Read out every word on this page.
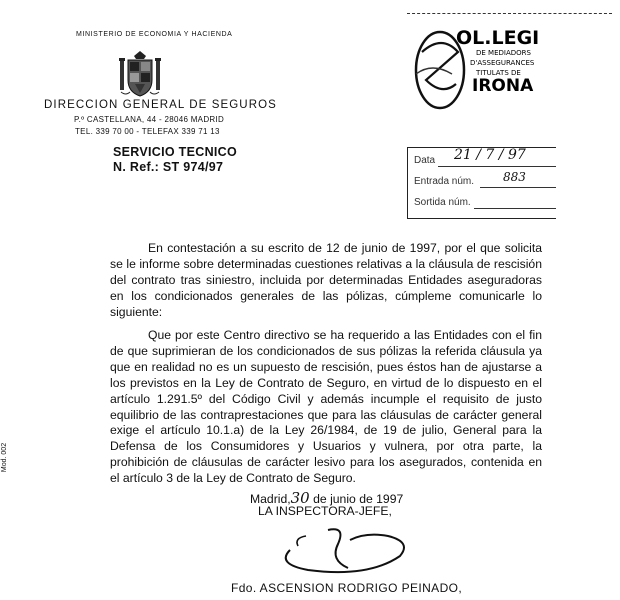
MINISTERIO DE ECONOMIA Y HACIENDA
DIRECCION GENERAL DE SEGUROS
P.º CASTELLANA, 44 - 28046 MADRID
TEL. 339 70 00 - TELEFAX 339 71 13
SERVICIO TECNICO
N. Ref.: ST 974/97
OL.LEGI
DE MEDIADORS
D'ASSEGURANCES
TITULATS DE
IRONA
Data 21 / 7 / 97
Entrada núm. 883
Sortida núm.

En contestación a su escrito de 12 de junio de 1997, por el que solicita se le informe sobre determinadas cuestiones relativas a la cláusula de rescisión del contrato tras siniestro, incluida por determinadas Entidades aseguradoras en los condicionados generales de las pólizas, cúmpleme comunicarle lo siguiente:

Que por este Centro directivo se ha requerido a las Entidades con el fin de que suprimieran de los condicionados de sus pólizas la referida cláusula ya que en realidad no es un supuesto de rescisión, pues éstos han de ajustarse a los previstos en la Ley de Contrato de Seguro, en virtud de lo dispuesto en el artículo 1.291.5º del Código Civil y además incumple el requisito de justo equilibrio de las contraprestaciones que para las cláusulas de carácter general exige el artículo 10.1.a) de la Ley 26/1984, de 19 de julio, General para la Defensa de los Consumidores y Usuarios y vulnera, por otra parte, la prohibición de cláusulas de carácter lesivo para los asegurados, contenida en el artículo 3 de la Ley de Contrato de Seguro.

Madrid,30 de junio de 1997
LA INSPECTORA-JEFE,
Fdo. ASCENSION RODRIGO PEINADO,
Mod. 002
